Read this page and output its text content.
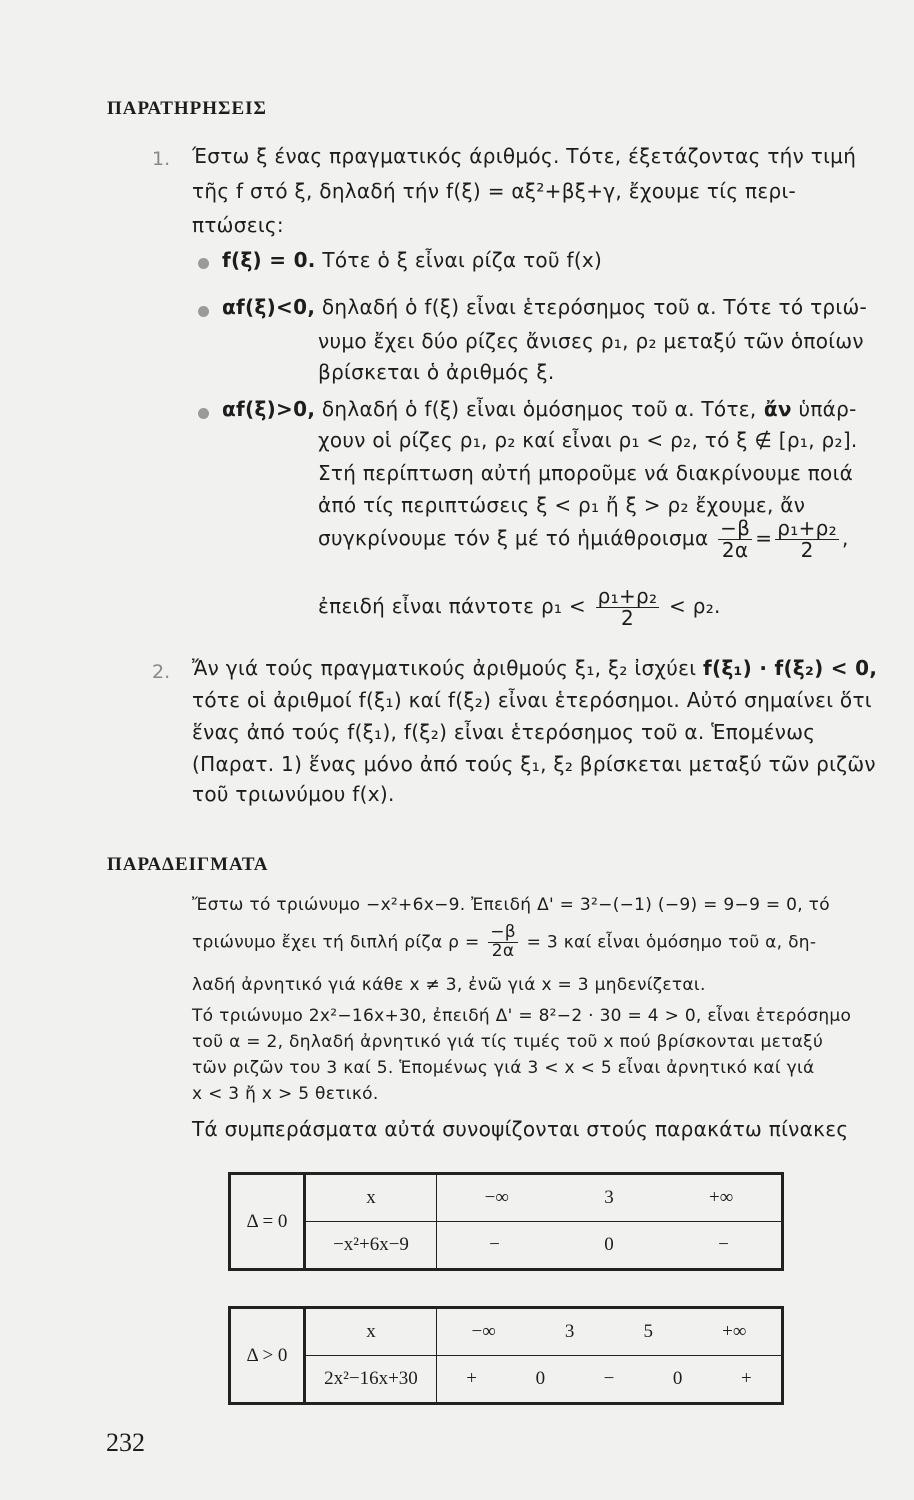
ΠΑΡΑΤΗΡΗΣΕΙΣ
1. Έστω ξ ένας πραγματικός άριθμός. Τότε, έξετάζοντας τήν τιμή
τῆς f στό ξ, δηλαδή τήν f(ξ) = αξ²+βξ+γ, ἔχουμε τίς περι-
πτώσεις:
f(ξ) = 0. Τότε ὁ ξ εἶναι ρίζα τοῦ f(x)
αf(ξ)<0, δηλαδή ὁ f(ξ) εἶναι ἑτερόσημος τοῦ α. Τότε τό τριώ-
νυμο ἔχει δύο ρίζες ἄνισες ρ₁, ρ₂ μεταξύ τῶν ὁποίων
βρίσκεται ὁ ἀριθμός ξ.
αf(ξ)>0, δηλαδή ὁ f(ξ) εἶναι ὁμόσημος τοῦ α. Τότε, ἄν ὑπάρ-
χουν οἱ ρίζες ρ₁, ρ₂ καί εἶναι ρ₁ < ρ₂, τό ξ ∉ [ρ₁, ρ₂].
Στή περίπτωση αὐτή μποροῦμε νά διακρίνουμε ποιά
ἀπό τίς περιπτώσεις ξ < ρ₁ ἤ ξ > ρ₂ ἔχουμε, ἄν
συγκρίνουμε τόν ξ μέ τό ἡμιάθροισμα $\frac{-\beta}{2\alpha} = \frac{\text{ρ₁+ρ₂}}{2}$ ,
ἐπειδή εἶναι πάντοτε $\rho_1 < \frac{\text{ρ₁+ρ₂}}{2} < \rho_2$.
2. Ἄν γιά τούς πραγματικούς ἀριθμούς ξ₁, ξ₂ ἰσχύει f(ξ₁) · f(ξ₂) < 0,
τότε οἱ ἀριθμοί f(ξ₁) καί f(ξ₂) εἶναι ἑτερόσημοι. Αὐτό σημαίνει ὅτι
ἕνας ἀπό τούς f(ξ₁), f(ξ₂) εἶναι ἑτερόσημος τοῦ α. Ἑπομένως
(Παρατ. 1) ἕνας μόνο ἀπό τούς ξ₁, ξ₂ βρίσκεται μεταξύ τῶν ριζῶν
τοῦ τριωνύμου f(x).
ΠΑΡΑΔΕΙΓΜΑΤΑ
Ἔστω τό τριώνυμο −x²+6x−9. Ἐπειδή Δ' = 3²−(−1) (−9) = 9−9 = 0, τό
τριώνυμο ἔχει τή διπλή ρίζα $\rho = \frac{-\beta}{2\alpha} = 3$ καί εἶναι ὁμόσημο τοῦ α, δη-
λαδή ἀρνητικό γιά κάθε x ≠ 3, ἐνῶ γιά x = 3 μηδενίζεται.
Τό τριώνυμο 2x²−16x+30, ἐπειδή Δ' = 8²−2 · 30 = 4 > 0, εἶναι ἑτερόσημο
τοῦ α = 2, δηλαδή ἀρνητικό γιά τίς τιμές τοῦ x πού βρίσκονται μεταξύ
τῶν ριζῶν του 3 καί 5. Ἑπομένως γιά 3 < x < 5 εἶναι ἀρνητικό καί γιά
x < 3 ἤ x > 5 θετικό.
Τά συμπεράσματα αὐτά συνοψίζονται στούς παρακάτω πίνακες
Δ = 0	x	−∞ 3 +∞

	−x²+6x−9	− 0 −
Δ > 0	x	−∞ 3 5 +∞

	2x²−16x+30	+ 0 − 0 +
232
